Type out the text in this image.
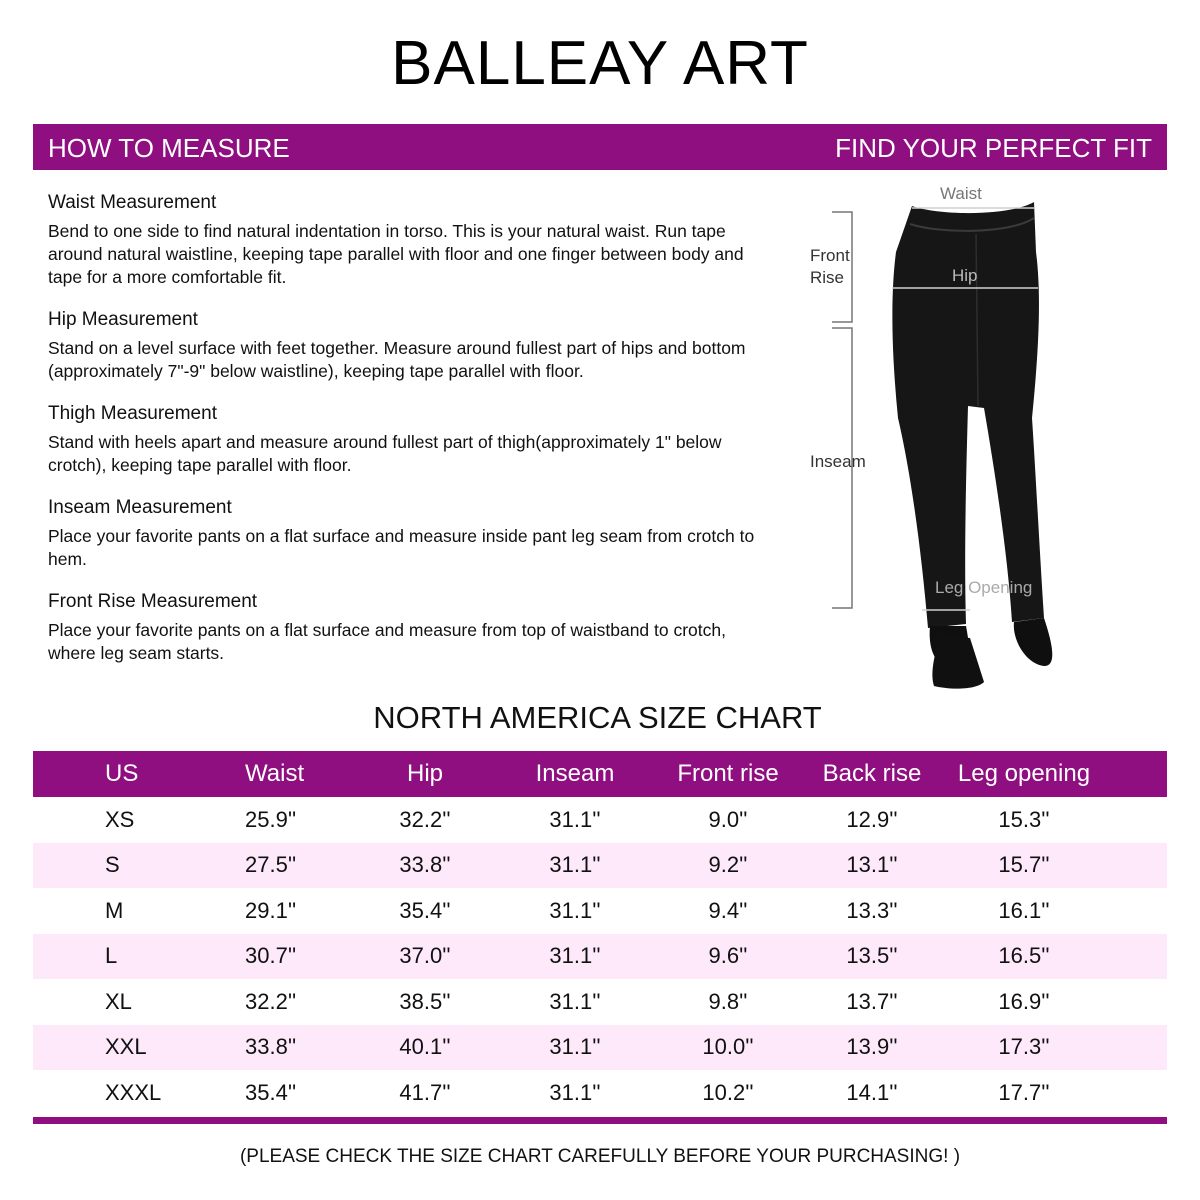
BALLEAY ART
HOW TO MEASURE	FIND YOUR PERFECT FIT
Waist Measurement
Bend to one side to find natural indentation in torso. This is your natural waist. Run tape around natural waistline, keeping tape parallel with floor and one finger between body and tape for a more comfortable fit.
Hip Measurement
Stand on a level surface with feet together. Measure around fullest part of hips and bottom (approximately 7"-9" below waistline), keeping tape parallel with floor.
Thigh Measurement
Stand with heels apart and measure around fullest part of thigh(approximately 1" below crotch), keeping tape parallel with floor.
Inseam Measurement
Place your favorite pants on a flat surface and measure inside pant leg seam from crotch to hem.
Front Rise Measurement
Place your favorite pants on a flat surface and measure from top of waistband to crotch, where leg seam starts.
Waist
Front
Rise	Hip
Inseam
Leg Opening
NORTH AMERICA SIZE CHART
US	Waist	Hip	Inseam	Front rise	Back rise	Leg opening
XS	25.9''	32.2''	31.1''	9.0''	12.9''	15.3''
S	27.5''	33.8''	31.1''	9.2''	13.1''	15.7''
M	29.1''	35.4''	31.1''	9.4''	13.3''	16.1''
L	30.7''	37.0''	31.1''	9.6''	13.5''	16.5''
XL	32.2''	38.5''	31.1''	9.8''	13.7''	16.9''
XXL	33.8''	40.1''	31.1''	10.0''	13.9''	17.3''
XXXL	35.4''	41.7''	31.1''	10.2''	14.1''	17.7''
(PLEASE CHECK THE SIZE CHART CAREFULLY BEFORE YOUR PURCHASING! )
